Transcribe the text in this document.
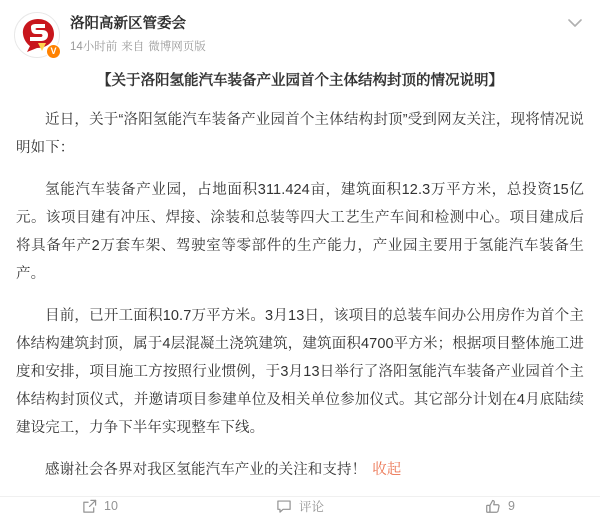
V
洛阳高新区管委会
14小时前 来自 微博网页版
【关于洛阳氢能汽车装备产业园首个主体结构封顶的情况说明】

近日，关于“洛阳氢能汽车装备产业园首个主体结构封顶”受到网友关注，现将情况说明如下：

氢能汽车装备产业园，占地面积311.424亩，建筑面积12.3万平方米，总投资15亿元。该项目建有冲压、焊接、涂装和总装等四大工艺生产车间和检测中心。项目建成后将具备年产2万套车架、驾驶室等零部件的生产能力，产业园主要用于氢能汽车装备生产。

目前，已开工面积10.7万平方米。3月13日，该项目的总装车间办公用房作为首个主体结构建筑封顶，属于4层混凝土浇筑建筑，建筑面积4700平方米；根据项目整体施工进度和安排，项目施工方按照行业惯例，于3月13日举行了洛阳氢能汽车装备产业园首个主体结构封顶仪式，并邀请项目参建单位及相关单位参加仪式。其它部分计划在4月底陆续建设完工，力争下半年实现整车下线。

感谢社会各界对我区氢能汽车产业的关注和支持！ 收起

10	评论	9
